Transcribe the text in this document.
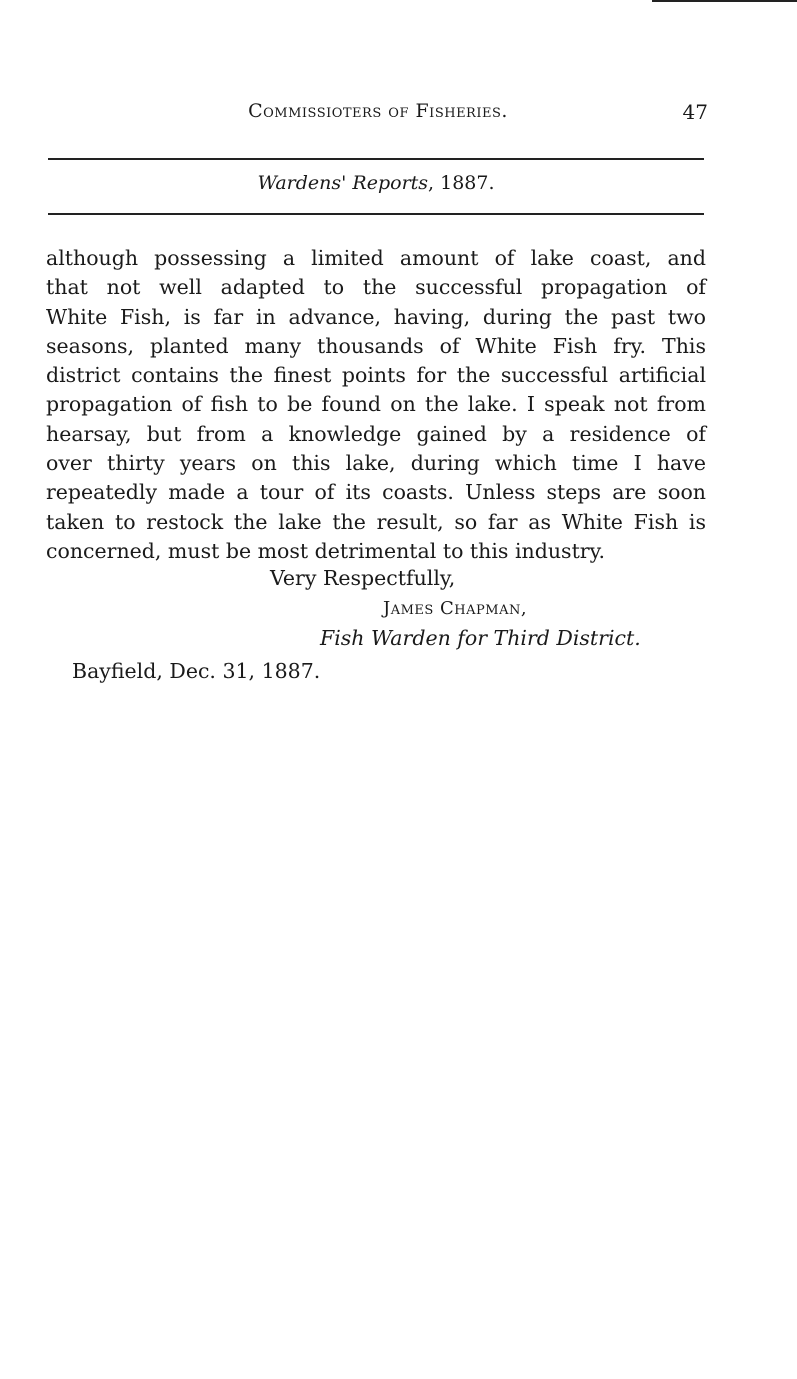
Commissioters of Fisheries.	47
Wardens' Reports, 1887.
although possessing a limited amount of lake coast, and
that not well adapted to the successful propagation of
White Fish, is far in advance, having, during the past two
seasons, planted many thousands of White Fish fry. This
district contains the finest points for the successful artificial
propagation of fish to be found on the lake. I speak not from
hearsay, but from a knowledge gained by a residence of
over thirty years on this lake, during which time I have
repeatedly made a tour of its coasts. Unless steps are soon
taken to restock the lake the result, so far as White Fish is
concerned, must be most detrimental to this industry.
Very Respectfully,
James Chapman,
Fish Warden for Third District.
Bayfield, Dec. 31, 1887.
